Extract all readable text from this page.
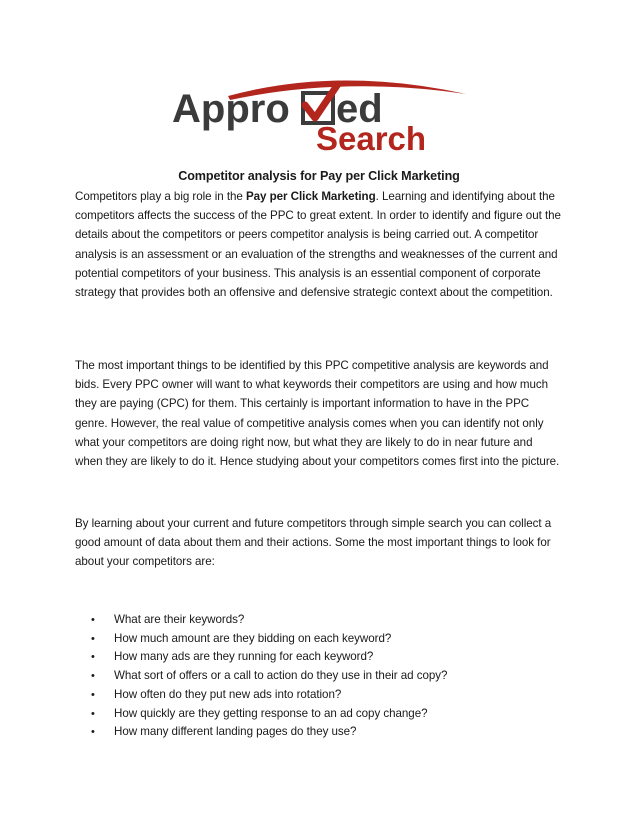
Appro ed
Search
Competitor analysis for Pay per Click Marketing

Competitors play a big role in the Pay per Click Marketing. Learning and identifying about the competitors affects the success of the PPC to great extent. In order to identify and figure out the details about the competitors or peers competitor analysis is being carried out. A competitor analysis is an assessment or an evaluation of the strengths and weaknesses of the current and potential competitors of your business. This analysis is an essential component of corporate strategy that provides both an offensive and defensive strategic context about the competition.

The most important things to be identified by this PPC competitive analysis are keywords and bids. Every PPC owner will want to what keywords their competitors are using and how much they are paying (CPC) for them. This certainly is important information to have in the PPC genre. However, the real value of competitive analysis comes when you can identify not only what your competitors are doing right now, but what they are likely to do in near future and when they are likely to do it. Hence studying about your competitors comes first into the picture.

By learning about your current and future competitors through simple search you can collect a good amount of data about them and their actions. Some the most important things to look for about your competitors are:

• What are their keywords?
• How much amount are they bidding on each keyword?
• How many ads are they running for each keyword?
• What sort of offers or a call to action do they use in their ad copy?
• How often do they put new ads into rotation?
• How quickly are they getting response to an ad copy change?
• How many different landing pages do they use?
